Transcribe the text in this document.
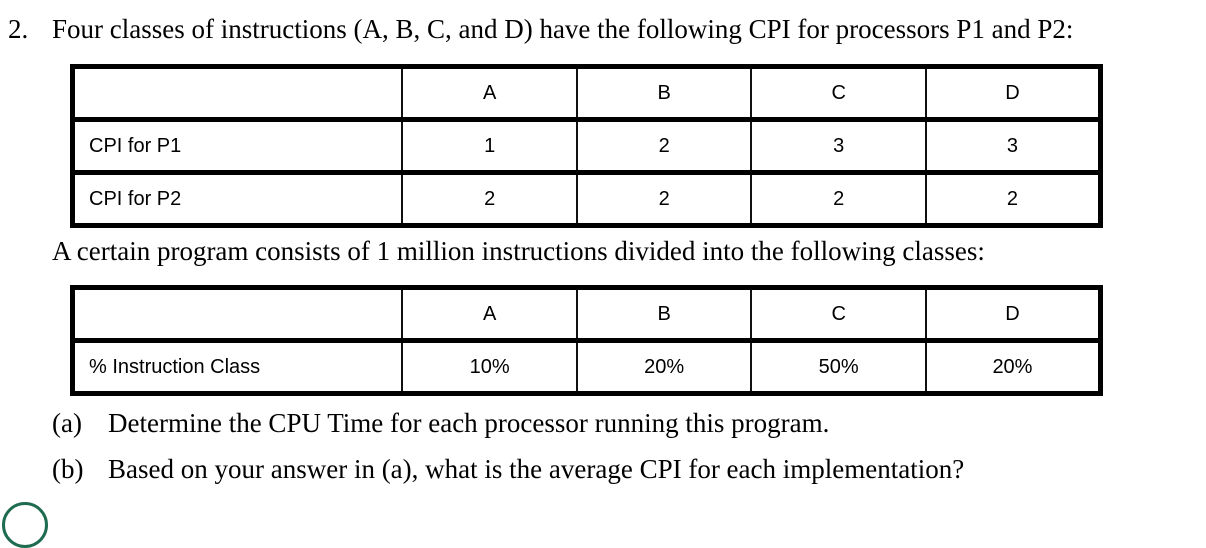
2. Four classes of instructions (A, B, C, and D) have the following CPI for processors P1 and P2:
	A	B	C	D
CPI for P1	1	2	3	3
CPI for P2	2	2	2	2
A certain program consists of 1 million instructions divided into the following classes:
	A	B	C	D
% Instruction Class	10%	20%	50%	20%
(a) Determine the CPU Time for each processor running this program.
(b) Based on your answer in (a), what is the average CPI for each implementation?
